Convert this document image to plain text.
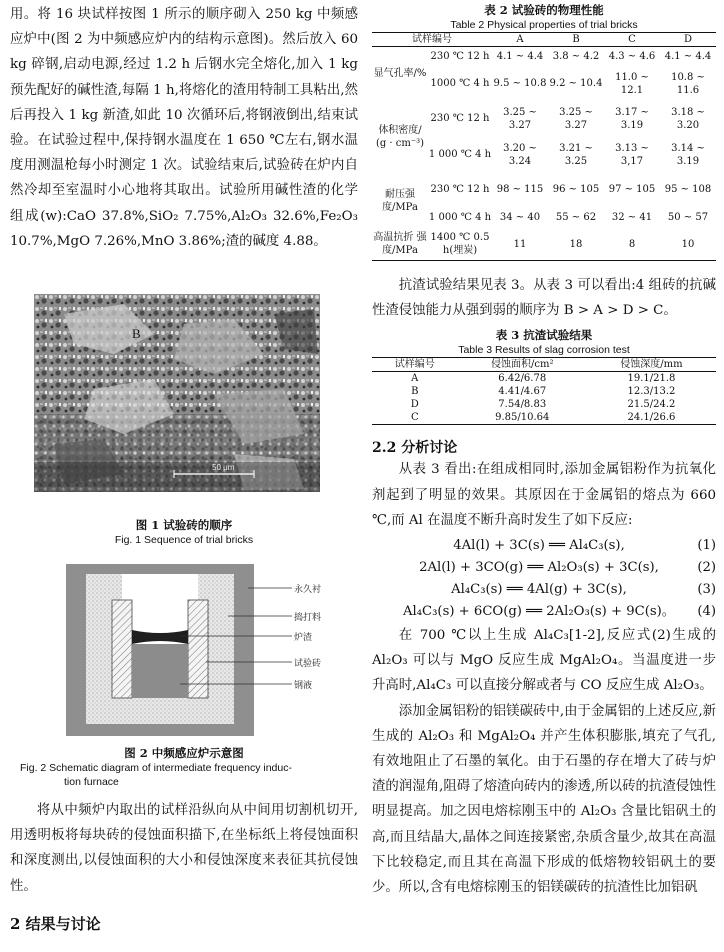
用。将 16 块试样按图 1 所示的顺序砌入 250 kg 中频感应炉中(图 2 为中频感应炉内的结构示意图)。然后放入 60 kg 碎钢,启动电源,经过 1.2 h 后钢水完全熔化,加入 1 kg 预先配好的碱性渣,每隔 1 h,将熔化的渣用特制工具粘出,然后再投入 1 kg 新渣,如此 10 次循环后,将钢液倒出,结束试验。在试验过程中,保持钢水温度在 1 650 ℃左右,钢水温度用测温枪每小时测定 1 次。试验结束后,试验砖在炉内自然冷却至室温时小心地将其取出。试验所用碱性渣的化学组成(w):CaO 37.8%,SiO₂ 7.75%,Al₂O₃ 32.6%,Fe₂O₃ 10.7%,MgO 7.26%,MnO 3.86%;渣的碱度 4.88。

B
50 μm
图 1 试验砖的顺序
Fig. 1 Sequence of trial bricks
永久衬
捣打料
炉渣
试验砖
钢液
图 2 中频感应炉示意图
Fig. 2 Schematic diagram of intermediate frequency induc-
tion furnace

将从中频炉内取出的试样沿纵向从中间用切割机切开,用透明板将每块砖的侵蚀面积描下,在坐标纸上将侵蚀面积和深度测出,以侵蚀面积的大小和侵蚀深度来表征其抗侵蚀性。

2 结果与讨论

表 2 试验砖的物理性能
Table 2 Physical properties of trial bricks
试样编号		A	B	C	D
显气孔率/%	230 ℃ 12 h	4.1 ~ 4.4	3.8 ~ 4.2	4.3 ~ 4.6	4.1 ~ 4.4
	1000 ℃ 4 h	9.5 ~ 10.8	9.2 ~ 10.4	11.0 ~ 12.1	10.8 ~ 11.6
体积密度/ (g · cm⁻³)	230 ℃ 12 h	3.25 ~ 3.27	3.25 ~ 3.27	3.17 ~ 3.19	3.18 ~ 3.20
	1 000 ℃ 4 h	3.20 ~ 3.24	3.21 ~ 3.25	3.13 ~ 3,17	3.14 ~ 3.19
耐压强 度/MPa	230 ℃ 12 h	98 ~ 115	96 ~ 105	97 ~ 105	95 ~ 108
	1 000 ℃ 4 h	34 ~ 40	55 ~ 62	32 ~ 41	50 ~ 57
高温抗折 强度/MPa	1400 ℃ 0.5 h(埋炭)	11	18	8	10

抗渣试验结果见表 3。从表 3 可以看出:4 组砖的抗碱性渣侵蚀能力从强到弱的顺序为 B > A > D > C。

表 3 抗渣试验结果
Table 3 Results of slag corrosion test
试样编号	侵蚀面积/cm²	侵蚀深度/mm
A	6.42/6.78	19.1/21.8
B	4.41/4.67	12.3/13.2
D	7.54/8.83	21.5/24.2
C	9.85/10.64	24.1/26.6

2.2 分析讨论

从表 3 看出:在组成相同时,添加金属铝粉作为抗氧化剂起到了明显的效果。其原因在于金属铝的熔点为 660 ℃,而 Al 在温度不断升高时发生了如下反应:

4Al(l) + 3C(s) ══ Al₄C₃(s),	(1)
2Al(l) + 3CO(g) ══ Al₂O₃(s) + 3C(s),	(2)
Al₄C₃(s) ══ 4Al(g) + 3C(s),	(3)
Al₄C₃(s) + 6CO(g) ══ 2Al₂O₃(s) + 9C(s)。	(4)

在 700 ℃以上生成 Al₄C₃[1-2],反应式(2)生成的 Al₂O₃ 可以与 MgO 反应生成 MgAl₂O₄。当温度进一步升高时,Al₄C₃ 可以直接分解或者与 CO 反应生成 Al₂O₃。

添加金属铝粉的铝镁碳砖中,由于金属铝的上述反应,新生成的 Al₂O₃ 和 MgAl₂O₄ 并产生体积膨胀,填充了气孔,有效地阻止了石墨的氧化。由于石墨的存在增大了砖与炉渣的润湿角,阻碍了熔渣向砖内的渗透,所以砖的抗渣侵蚀性明显提高。加之因电熔棕刚玉中的 Al₂O₃ 含量比铝矾土的高,而且结晶大,晶体之间连接紧密,杂质含量少,故其在高温下比较稳定,而且其在高温下形成的低熔物较铝矾土的要少。所以,含有电熔棕刚玉的铝镁碳砖的抗渣性比加铝矾
